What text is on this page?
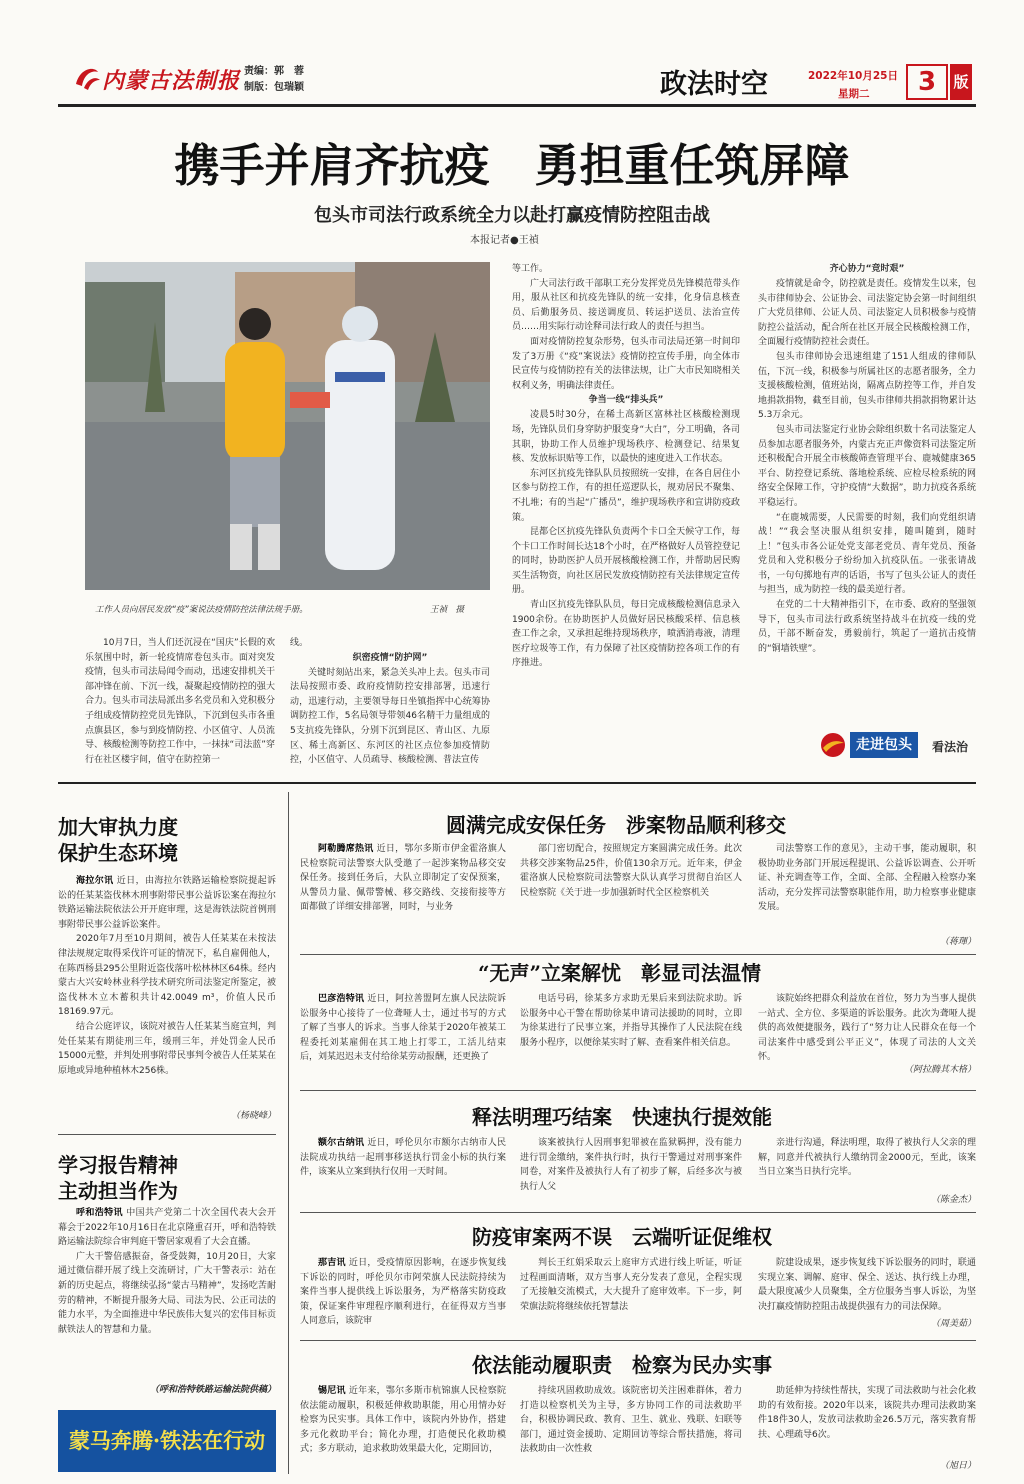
内蒙古法制报 责编：郭　蓉
制版：包瑞颖	政法时空	2022年10月25日
星期二	3	版
携手并肩齐抗疫　勇担重任筑屏障
包头市司法行政系统全力以赴打赢疫情防控阻击战
本报记者●王禎
工作人员向居民发放“疫”案说法疫情防控法律法规手册。	王禎　摄

10月7日，当人们还沉浸在“国庆”长假的欢乐氛围中时，新一轮疫情席卷包头市。面对突发疫情，包头市司法局闻令而动，迅速安排机关干部冲锋在前、下沉一线，凝聚起疫情防控的强大合力。包头市司法局派出多名党员和入党积极分子组成疫情防控党员先锋队，下沉到包头市各重点旗县区，参与到疫情防控、小区值守、人员流导、核酸检测等防控工作中，一抹抹“司法蓝”穿行在社区楼宇间，值守在防控第一

线。
织密疫情“防护网”

关键时刻站出来，紧急关头冲上去。包头市司法局按照市委、政府疫情防控安排部署，迅速行动，迅速行动，主要领导每日坐镇指挥中心统筹协调防控工作，5名局领导带领46名精干力量组成的5支抗疫先锋队，分别下沉到昆区、青山区、九原区、稀土高新区、东河区的社区点位参加疫情防控，小区值守、人员疏导、核酸检测、普法宣传

等工作。

广大司法行政干部职工充分发挥党员先锋模范带头作用，服从社区和抗疫先锋队的统一安排，化身信息核查员、后勤服务员、接送调度员、转运护送员、法治宣传员……用实际行动诠释司法行政人的责任与担当。

面对疫情防控复杂形势，包头市司法局还第一时间印发了3万册《“疫”案说法》疫情防控宣传手册，向全体市民宣传与疫情防控有关的法律法规，让广大市民知晓相关权利义务，明确法律责任。

争当一线“排头兵”

凌晨5时30分，在稀土高新区富林社区核酸检测现场，先锋队员们身穿防护服变身“大白”，分工明确，各司其职，协助工作人员维护现场秩序、检测登记、结果复核、发放标识贴等工作，以最快的速度进入工作状态。

东河区抗疫先锋队队员按照统一安排，在各自居住小区参与防控工作，有的担任巡逻队长，规劝居民不聚集、不扎堆；有的当起“广播员”，维护现场秩序和宣讲防疫政策。

昆都仑区抗疫先锋队负责两个卡口全天候守工作，每个卡口工作时间长达18个小时，在严格做好人员管控登记的同时，协助医护人员开展核酸检测工作，并帮助居民购买生活物资，向社区居民发放疫情防控有关法律规定宣传册。

青山区抗疫先锋队队员，每日完成核酸检测信息录入1900余份。在协助医护人员做好居民核酸采样、信息核查工作之余，又承担起维持现场秩序，喷洒消毒液，清理医疗垃圾等工作，有力保障了社区疫情防控各项工作的有序推进。

齐心协力“竞时艰”

疫情就是命令，防控就是责任。疫情发生以来，包头市律师协会、公证协会、司法鉴定协会第一时间组织广大党员律师、公证人员、司法鉴定人员积极参与疫情防控公益活动，配合所在社区开展全民核酸检测工作，全面履行疫情防控社会责任。

包头市律师协会迅速组建了151人组成的律师队伍，下沉一线，积极参与所属社区的志愿者服务，全力支援核酸检测，值班站岗，隔离点防控等工作，并自发地捐款捐物，截至目前，包头市律师共捐款捐物累计达5.3万余元。

包头市司法鉴定行业协会除组织数十名司法鉴定人员参加志愿者服务外，内蒙古充正声像资料司法鉴定所还积极配合开展全市核酸筛查管理平台、鹿城健康365平台、防控登记系统、落地检系统、应检尽检系统的网络安全保障工作，守护疫情“大数据”，助力抗疫各系统平稳运行。

“在鹿城需要，人民需要的时刻，我们向党组织请战！”“我会坚决服从组织安排，随叫随到，随时上！”包头市各公证处党支部老党员、青年党员、预备党员和入党积极分子纷纷加入抗疫队伍。一张张请战书，一句句掷地有声的话语，书写了包头公证人的责任与担当，成为防控一线的最美逆行者。

在党的二十大精神指引下，在市委、政府的坚强领导下，包头市司法行政系统坚持战斗在抗疫一线的党员，干部不断奋发，勇毅前行，筑起了一道抗击疫情的“铜墙铁壁”。

走进包头	看法治
加大审执力度
保护生态环境

海拉尔讯 近日，由海拉尔铁路运输检察院提起诉讼的任某某盗伐林木刑事附带民事公益诉讼案在海拉尔铁路运输法院依法公开开庭审理，这是海铁法院首例刑事附带民事公益诉讼案件。

2020年7月至10月期间，被告人任某某在未按法律法规规定取得采伐许可证的情况下，私自雇佣他人，在陈西杨县295公里附近盗伐落叶松林林区64株。经内蒙古大兴安岭林业科学技术研究所司法鉴定所鉴定，被盗伐林木立木蓄积共计42.0049 m³，价值人民币18169.97元。

结合公庭评议，该院对被告人任某某当庭宣判，判处任某某有期徒刑三年，缓刑三年，并处罚金人民币15000元整，并判处刑事附带民事判令被告人任某某在原地或异地种植林木256株。

（杨晓峰）
学习报告精神
主动担当作为

呼和浩特讯 中国共产党第二十次全国代表大会开幕会于2022年10月16日在北京隆重召开，呼和浩特铁路运输法院综合审判庭干警居家观看了大会直播。

广大干警倍感振奋，备受鼓舞，10月20日，大家通过微信群开展了线上交流研讨，广大干警表示：站在新的历史起点，将继续弘扬“蒙古马精神”，发扬吃苦耐劳的精神，不断提升服务大局、司法为民、公正司法的能力水平，为全面推进中华民族伟大复兴的宏伟目标贡献铁法人的智慧和力量。

（呼和浩特铁路运输法院供稿）
蒙马奔腾·铁法在行动
圆满完成安保任务　涉案物品顺利移交

阿勒腾席热讯 近日，鄂尔多斯市伊金霍洛旗人民检察院司法警察大队受邀了一起涉案物品移交安保任务。接到任务后，大队立即制定了安保预案，从警员力量、佩带警械、移交路线、交接衔接等方面都做了详细安排部署，同时，与业务

部门密切配合，按照规定方案圆满完成任务。此次共移交涉案物品25件，价值130余万元。近年来，伊金霍洛旗人民检察院司法警察大队认真学习贯彻自治区人民检察院《关于进一步加强新时代全区检察机关

司法警察工作的意见》，主动干事，能动履职，积极协助业务部门开展远程提讯、公益诉讼调查、公开听证、补充调查等工作，全面、全部、全程融入检察办案活动，充分发挥司法警察职能作用，助力检察事业健康发展。

（蒋琿）
“无声”立案解忧　彰显司法温情

巴彦浩特讯 近日，阿拉善盟阿左旗人民法院诉讼服务中心接待了一位聋哑人士，通过书写的方式了解了当事人的诉求。当事人徐某于2020年被某工程委托刘某雇佣在其工地上打零工，工活儿结束后，刘某迟迟未支付给徐某劳动报酬，还更换了

电话号码，徐某多方求助无果后来到法院求助。诉讼服务中心干警在帮助徐某申请司法援助的同时，立即为徐某进行了民事立案，并指导其操作了人民法院在线服务小程序，以便徐某实时了解、查看案件相关信息。

该院始终把群众利益放在首位，努力为当事人提供一站式、全方位、多渠道的诉讼服务。此次为聋哑人提供的高效便捷服务，践行了“努力让人民群众在每一个司法案件中感受到公平正义”，体现了司法的人文关怀。

（阿拉腾其木格）
释法明理巧结案　快速执行提效能

额尔古纳讯 近日，呼伦贝尔市额尔古纳市人民法院成功执结一起刑事移送执行罚金小标的执行案件，该案从立案到执行仅用一天时间。

该案被执行人因刑事犯罪被在监狱羁押，没有能力进行罚金缴纳，案件执行时，执行干警通过对刑事案件同卷，对案件及被执行人有了初步了解，后经多次与被执行人父

亲进行沟通，释法明理，取得了被执行人父亲的理解，同意并代被执行人缴纳罚金2000元，至此，该案当日立案当日执行完毕。

（陈金杰）
防疫审案两不误　云端听证促维权

那吉讯 近日，受疫情原因影响，在逐步恢复线下诉讼的同时，呼伦贝尔市阿荣旗人民法院持续为案件当事人提供线上诉讼服务，为严格落实防疫政策，保证案件审理程序顺利进行，在征得双方当事人同意后，该院审

判长王红娟采取云上庭审方式进行线上听证，听证过程画面清晰，双方当事人充分发表了意见，全程实现了无接触交流模式，大大提升了庭审效率。下一步，阿荣旗法院将继续依托智慧法

院建设成果，逐步恢复线下诉讼服务的同时，联通实现立案、调解、庭审、保全、送达、执行线上办理，最大限度减少人员聚集，全方位服务当事人诉讼，为坚决打赢疫情防控阻击战提供强有力的司法保障。

（周美茹）
依法能动履职责　检察为民办实事

锡尼讯 近年来，鄂尔多斯市杭锦旗人民检察院依法能动履职，积极延伸救助职能，用心用情办好检察为民实事。具体工作中，该院内外协作，搭建多元化救助平台；简化办理，打造便民化救助模式；多方联动，追求救助效果最大化，定期回访，

持续巩固救助成效。该院密切关注困难群体，着力打造以检察机关为主导，多方协同工作的司法救助平台，积极协调民政、教育、卫生、就业、残联、妇联等部门，通过资金援助、定期回访等综合帮扶措施，将司法救助由一次性救

助延伸为持续性帮扶，实现了司法救助与社会化救助的有效衔接。2020年以来，该院共办理司法救助案件18件30人，发放司法救助金26.5万元，落实教育帮扶、心理疏导6次。

（旭日）
